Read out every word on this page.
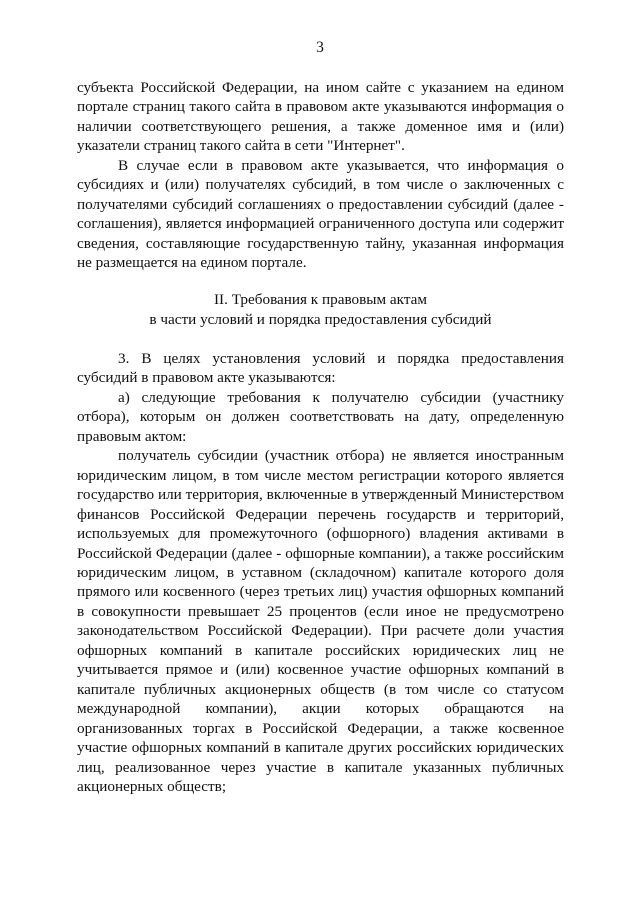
3

субъекта Российской Федерации, на ином сайте с указанием на едином портале страниц такого сайта в правовом акте указываются информация о наличии соответствующего решения, а также доменное имя и (или) указатели страниц такого сайта в сети "Интернет".

В случае если в правовом акте указывается, что информация о субсидиях и (или) получателях субсидий, в том числе о заключенных с получателями субсидий соглашениях о предоставлении субсидий (далее - соглашения), является информацией ограниченного доступа или содержит сведения, составляющие государственную тайну, указанная информация не размещается на едином портале.

II. Требования к правовым актам
в части условий и порядка предоставления субсидий

3. В целях установления условий и порядка предоставления субсидий в правовом акте указываются:

а) следующие требования к получателю субсидии (участнику отбора), которым он должен соответствовать на дату, определенную правовым актом:

получатель субсидии (участник отбора) не является иностранным юридическим лицом, в том числе местом регистрации которого является государство или территория, включенные в утвержденный Министерством финансов Российской Федерации перечень государств и территорий, используемых для промежуточного (офшорного) владения активами в Российской Федерации (далее - офшорные компании), а также российским юридическим лицом, в уставном (складочном) капитале которого доля прямого или косвенного (через третьих лиц) участия офшорных компаний в совокупности превышает 25 процентов (если иное не предусмотрено законодательством Российской Федерации). При расчете доли участия офшорных компаний в капитале российских юридических лиц не учитывается прямое и (или) косвенное участие офшорных компаний в капитале публичных акционерных обществ (в том числе со статусом международной компании), акции которых обращаются на организованных торгах в Российской Федерации, а также косвенное участие офшорных компаний в капитале других российских юридических лиц, реализованное через участие в капитале указанных публичных акционерных обществ;
